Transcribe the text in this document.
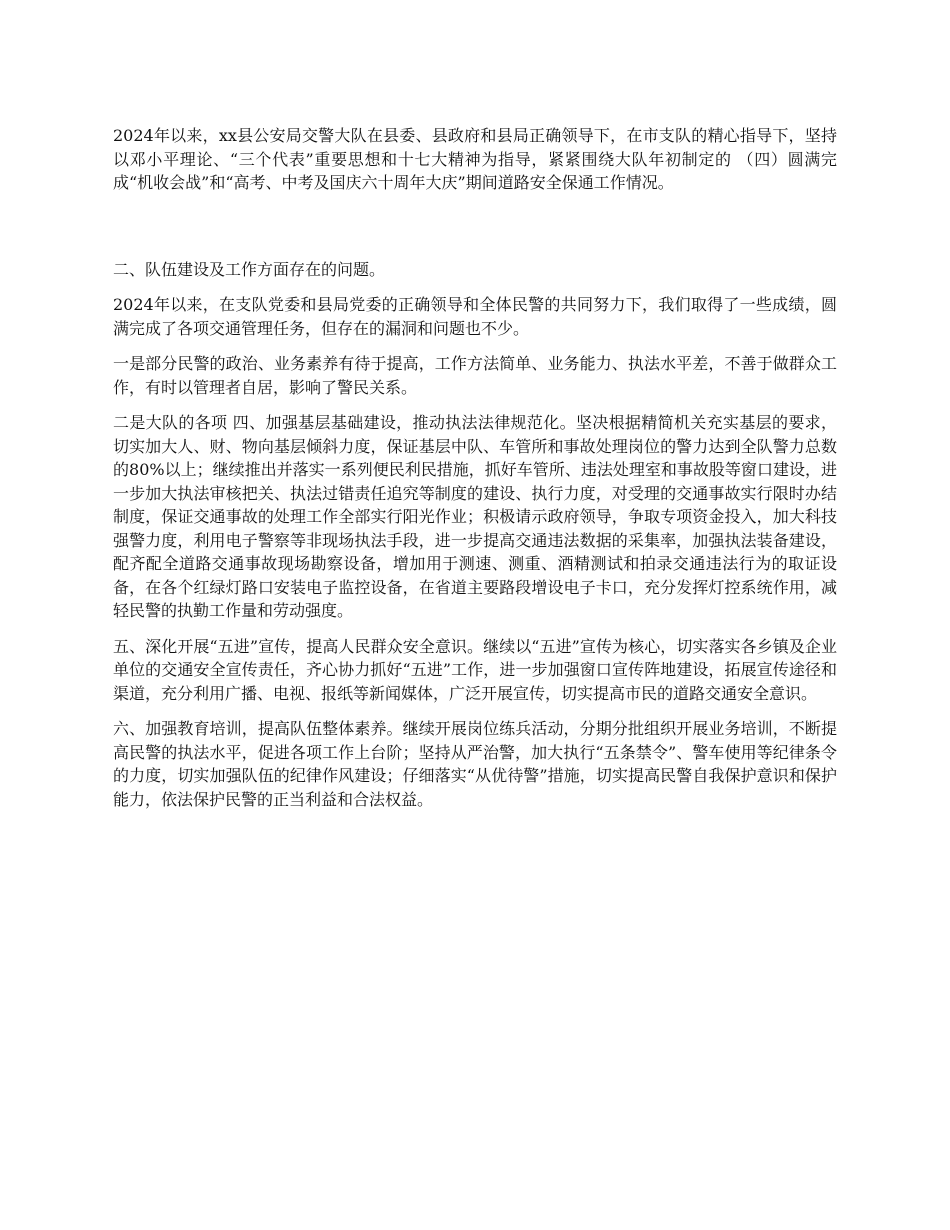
2024年以来，xx县公安局交警大队在县委、县政府和县局正确领导下，在市支队的精心指导下，坚持以邓小平理论、“三个代表”重要思想和十七大精神为指导，紧紧围绕大队年初制定的 （四）圆满完成“机收会战”和“高考、中考及国庆六十周年大庆”期间道路安全保通工作情况。

二、队伍建设及工作方面存在的问题。

2024年以来，在支队党委和县局党委的正确领导和全体民警的共同努力下，我们取得了一些成绩，圆满完成了各项交通管理任务，但存在的漏洞和问题也不少。

一是部分民警的政治、业务素养有待于提高，工作方法简单、业务能力、执法水平差，不善于做群众工作，有时以管理者自居，影响了警民关系。

二是大队的各项 四、加强基层基础建设，推动执法法律规范化。坚决根据精简机关充实基层的要求，切实加大人、财、物向基层倾斜力度，保证基层中队、车管所和事故处理岗位的警力达到全队警力总数的80%以上；继续推出并落实一系列便民利民措施，抓好车管所、违法处理室和事故股等窗口建设，进一步加大执法审核把关、执法过错责任追究等制度的建设、执行力度，对受理的交通事故实行限时办结制度，保证交通事故的处理工作全部实行阳光作业；积极请示政府领导，争取专项资金投入，加大科技强警力度，利用电子警察等非现场执法手段，进一步提高交通违法数据的采集率，加强执法装备建设，配齐配全道路交通事故现场勘察设备，增加用于测速、测重、酒精测试和拍录交通违法行为的取证设备，在各个红绿灯路口安装电子监控设备，在省道主要路段增设电子卡口，充分发挥灯控系统作用，减轻民警的执勤工作量和劳动强度。

五、深化开展“五进”宣传，提高人民群众安全意识。继续以“五进”宣传为核心，切实落实各乡镇及企业单位的交通安全宣传责任，齐心协力抓好“五进”工作，进一步加强窗口宣传阵地建设，拓展宣传途径和渠道，充分利用广播、电视、报纸等新闻媒体，广泛开展宣传，切实提高市民的道路交通安全意识。

六、加强教育培训，提高队伍整体素养。继续开展岗位练兵活动，分期分批组织开展业务培训，不断提高民警的执法水平，促进各项工作上台阶；坚持从严治警，加大执行“五条禁令”、警车使用等纪律条令的力度，切实加强队伍的纪律作风建设；仔细落实“从优待警”措施，切实提高民警自我保护意识和保护能力，依法保护民警的正当利益和合法权益。
